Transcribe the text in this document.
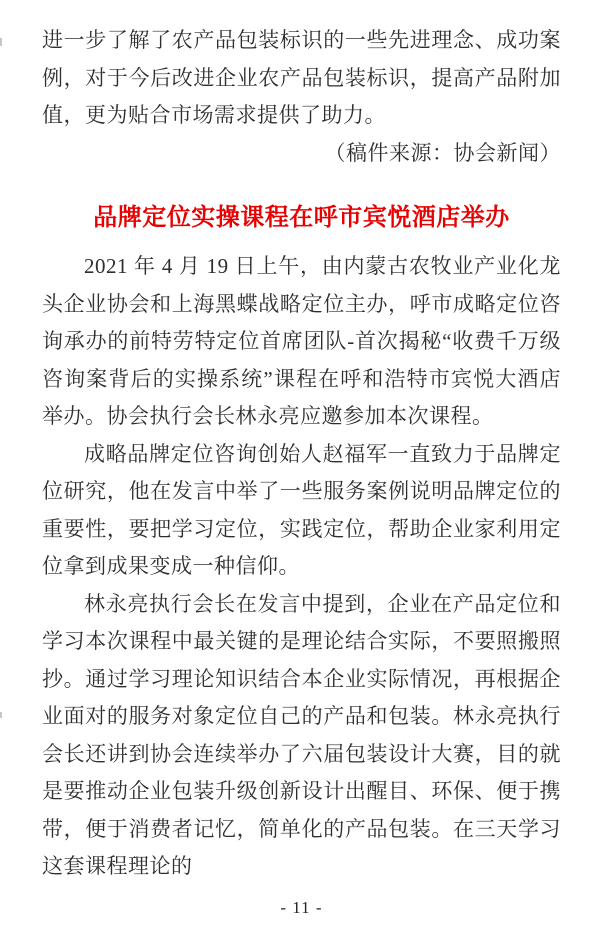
进一步了解了农产品包装标识的一些先进理念、成功案例，对于今后改进企业农产品包装标识，提高产品附加值，更为贴合市场需求提供了助力。

（稿件来源：协会新闻）

品牌定位实操课程在呼市宾悦酒店举办

2021 年 4 月 19 日上午，由内蒙古农牧业产业化龙头企业协会和上海黑蝶战略定位主办，呼市成略定位咨询承办的前特劳特定位首席团队-首次揭秘“收费千万级咨询案背后的实操系统”课程在呼和浩特市宾悦大酒店举办。协会执行会长林永亮应邀参加本次课程。

成略品牌定位咨询创始人赵福军一直致力于品牌定位研究，他在发言中举了一些服务案例说明品牌定位的重要性，要把学习定位，实践定位，帮助企业家利用定位拿到成果变成一种信仰。

林永亮执行会长在发言中提到，企业在产品定位和学习本次课程中最关键的是理论结合实际，不要照搬照抄。通过学习理论知识结合本企业实际情况，再根据企业面对的服务对象定位自己的产品和包装。林永亮执行会长还讲到协会连续举办了六届包装设计大赛，目的就是要推动企业包装升级创新设计出醒目、环保、便于携带，便于消费者记忆，简单化的产品包装。在三天学习这套课程理论的

- 11 -
